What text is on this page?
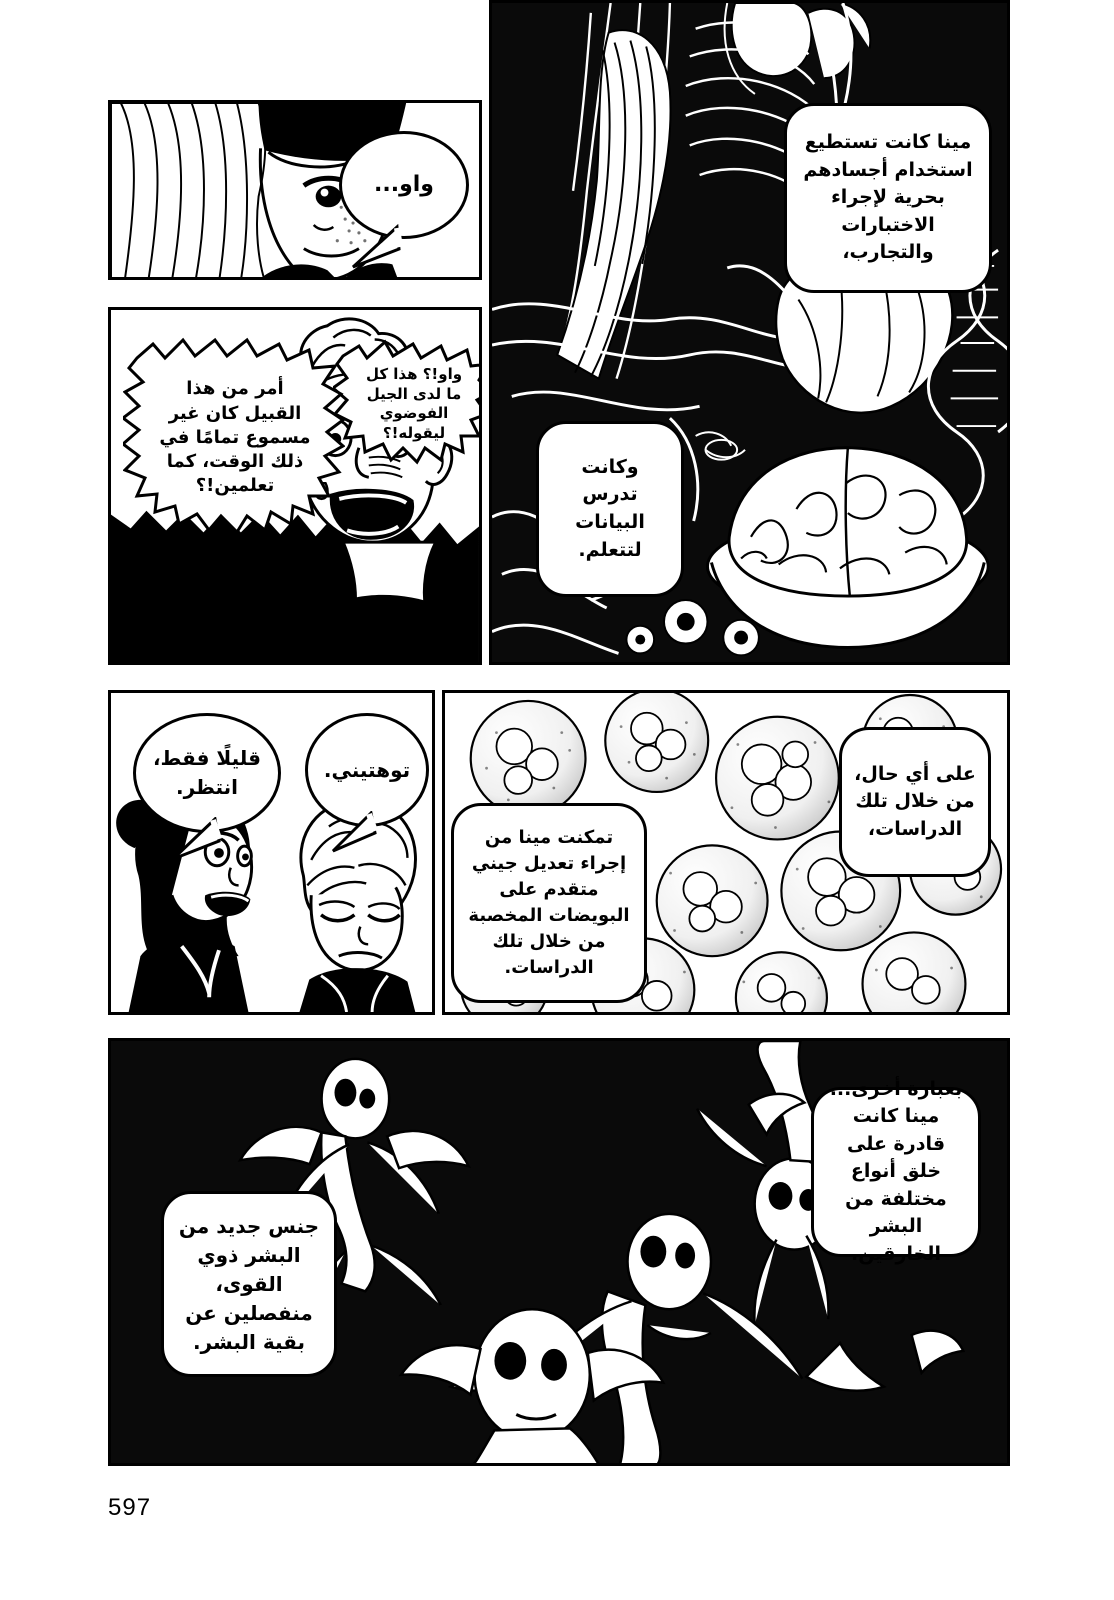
واو...
مينا كانت تستطيع استخدام أجسادهم بحرية لإجراء الاختبارات والتجارب،
وكانت تدرس البيانات لتتعلم.
واو!؟ هذا كل ما لدى الجيل الفوضوي ليقوله!؟
أمر من هذا القبيل كان غير مسموع تمامًا في ذلك الوقت، كما تعلمين!؟
توهتيني.
قليلًا فقط، انتظر.
على أي حال، من خلال تلك الدراسات،
تمكنت مينا من إجراء تعديل جيني متقدم على البويضات المخصبة من خلال تلك الدراسات.
بعبارة أخرى... مينا كانت قادرة على خلق أنواع مختلفة من البشر الخارقين.
جنس جديد من البشر ذوي القوى، منفصلين عن بقية البشر.
597
